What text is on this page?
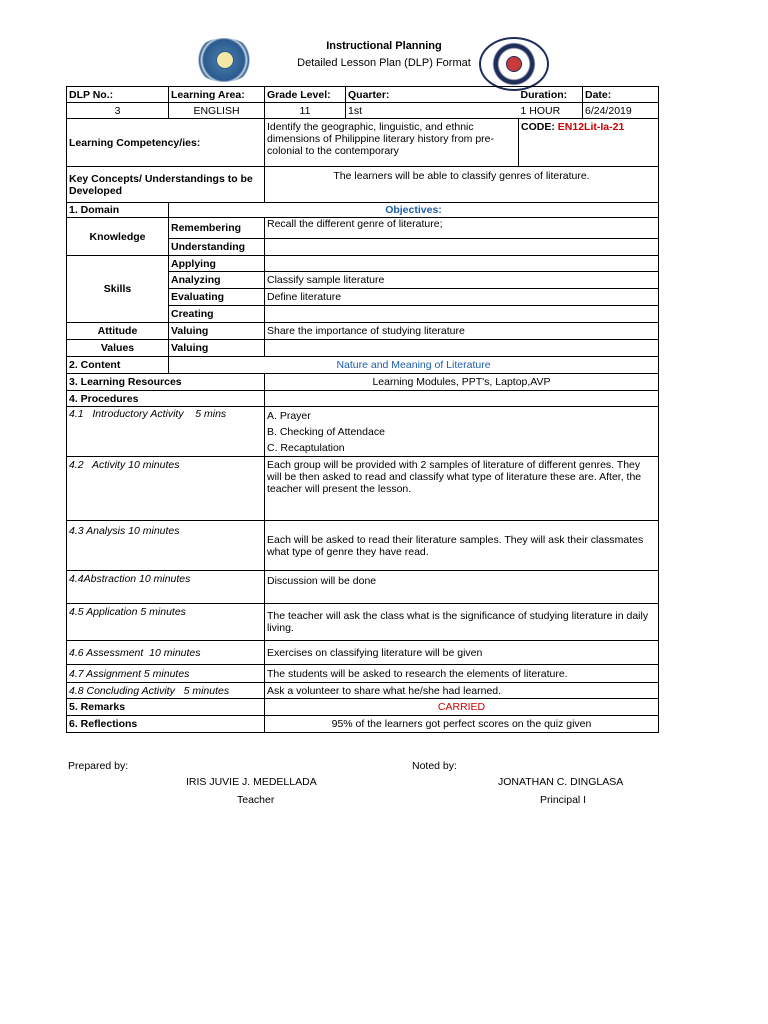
Instructional Planning
Detailed Lesson Plan (DLP) Format
DLP No.:	Learning Area:	Grade Level:	Quarter:	Duration:	Date:
3	ENGLISH	11	1st	1 HOUR	6/24/2019
Learning Competency/ies:		Identify the geographic, linguistic, and ethnic dimensions of Philippine literary history from pre-colonial to the contemporary		CODE: EN12Lit-Ia-21	
Key Concepts/ Understandings to be Developed		The learners will be able to classify genres of literature.			
1. Domain	Objectives:				
Knowledge	Remembering	Recall the different genre of literature;			
	Understanding				
Skills	Applying				
	Analyzing	Classify sample literature			
	Evaluating	Define literature			
	Creating				
Attitude	Valuing	Share the importance of studying literature			
Values	Valuing				
2. Content	Nature and Meaning of Literature				
3. Learning Resources		Learning Modules, PPT's, Laptop,AVP			
4. Procedures					
4.1   Introductory Activity    5 mins		A. Prayer
B. Checking of Attendace
C. Recaptulation			

4.2   Activity 10 minutes		Each group will be provided with 2 samples of literature of different genres. They will be then asked to read and classify what type of literature these are. After, the teacher will present the lesson.			
4.3 Analysis 10 minutes		Each will be asked to read their literature samples. They will ask their classmates what type of genre they have read.			
4.4Abstraction 10 minutes		Discussion will be done			
4.5 Application 5 minutes		The teacher will ask the class what is the significance of studying literature in daily living.			
4.6 Assessment  10 minutes		Exercises on classifying literature will be given			
4.7 Assignment 5 minutes		The students will be asked to research the elements of literature.			
4.8 Concluding Activity   5 minutes		Ask a volunteer to share what he/she had learned.			
5. Remarks		CARRIED			
6. Reflections		95% of the learners got perfect scores on the quiz given			
Prepared by:
IRIS JUVIE J. MEDELLADA
Teacher
Noted by:
JONATHAN C. DINGLASA
Principal I
